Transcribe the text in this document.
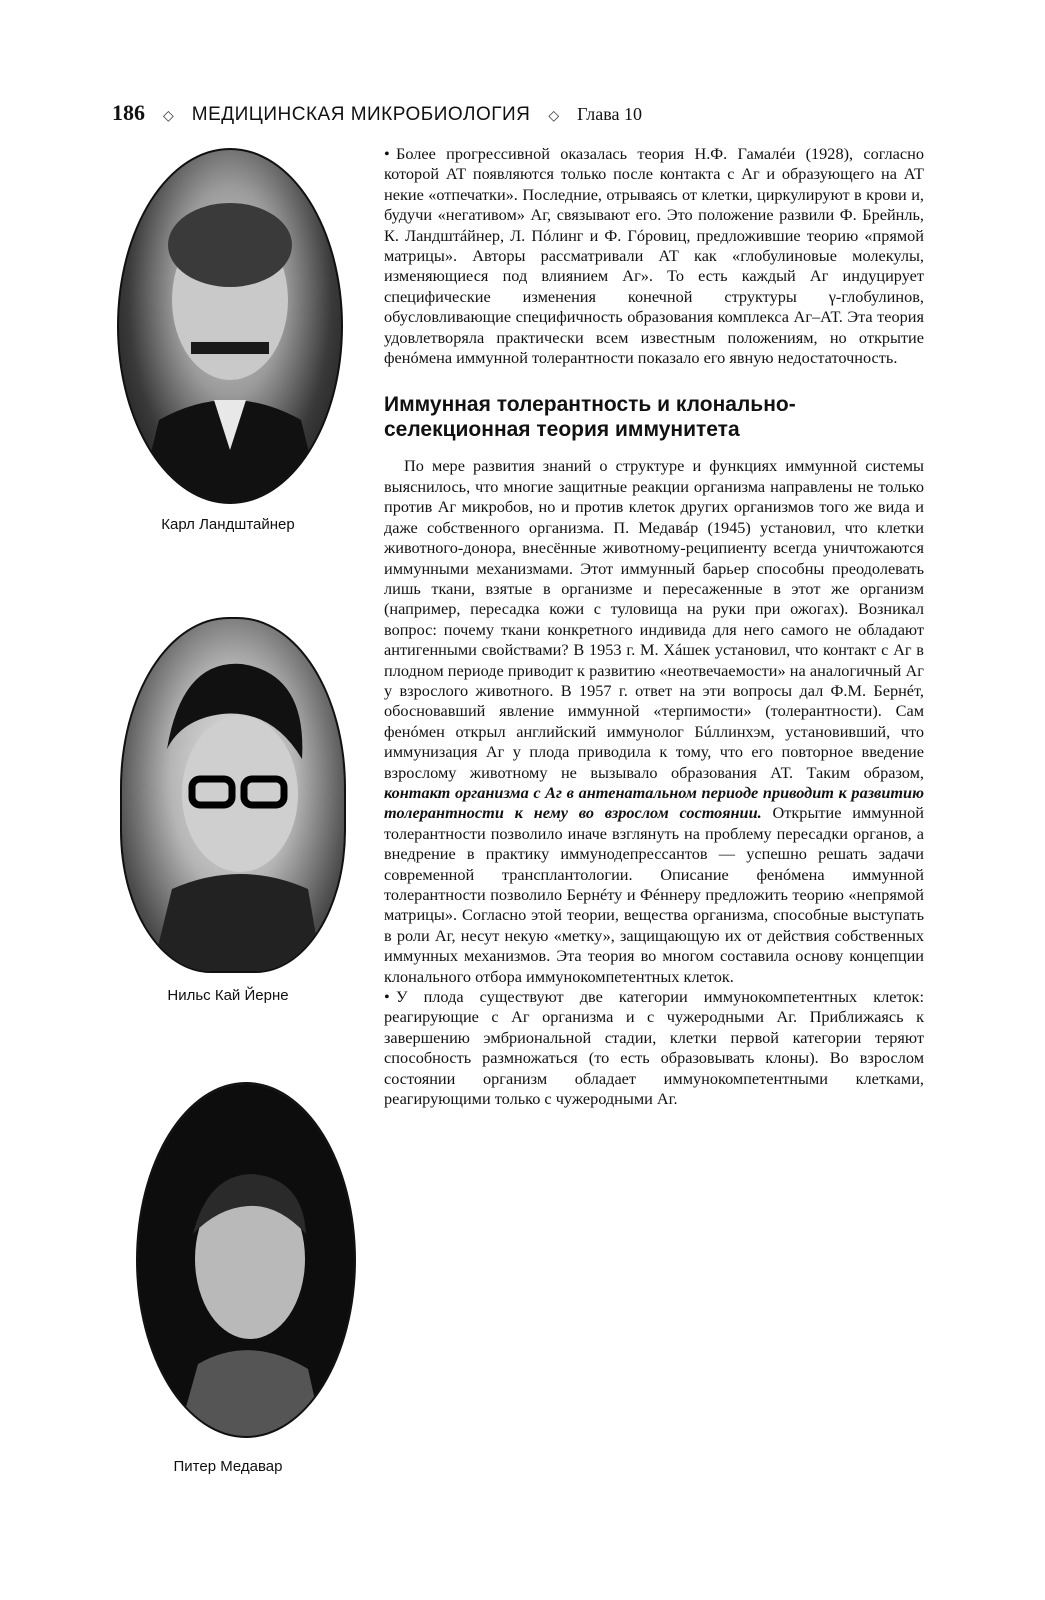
186 ◇ МЕДИЦИНСКАЯ МИКРОБИОЛОГИЯ ◇ Глава 10
Карл Ландштайнер
Нильс Кай Йерне
Питер Медавар

• Более прогрессивной оказалась теория Н.Ф. Гамалéи (1928), согласно которой АТ появляются только после контакта с Аг и образующего на АТ некие «отпечатки». Последние, отрываясь от клетки, циркулируют в крови и, будучи «негативом» Аг, связывают его. Это положение развили Ф. Брейнль, К. Ландштáйнер, Л. Пóлинг и Ф. Гóровиц, предложившие теорию «прямой матрицы». Авторы рассматривали АТ как «глобулиновые молекулы, изменяющиеся под влиянием Аг». То есть каждый Аг индуцирует специфические изменения конечной структуры γ-глобулинов, обусловливающие специфичность образования комплекса Аг–АТ. Эта теория удовлетворяла практически всем известным положениям, но открытие фенóмена иммунной толерантности показало его явную недостаточность.

Иммунная толерантность и клонально-селекционная теория иммунитета

По мере развития знаний о структуре и функциях иммунной системы выяснилось, что многие защитные реакции организма направлены не только против Аг микробов, но и против клеток других организмов того же вида и даже собственного организма. П. Медавáр (1945) установил, что клетки животного-донора, внесённые животному-реципиенту всегда уничтожаются иммунными механизмами. Этот иммунный барьер способны преодолевать лишь ткани, взятые в организме и пересаженные в этот же организм (например, пересадка кожи с туловища на руки при ожогах). Возникал вопрос: почему ткани конкретного индивида для него самого не обладают антигенными свойствами? В 1953 г. М. Хáшек установил, что контакт с Аг в плодном периоде приводит к развитию «неотвечаемости» на аналогичный Аг у взрослого животного. В 1957 г. ответ на эти вопросы дал Ф.М. Бернéт, обосновавший явление иммунной «терпимости» (толерантности). Сам фенóмен открыл английский иммунолог Бúллинхэм, установивший, что иммунизация Аг у плода приводила к тому, что его повторное введение взрослому животному не вызывало образования АТ. Таким образом, контакт организма с Аг в антенатальном периоде приводит к развитию толерантности к нему во взрослом состоянии. Открытие иммунной толерантности позволило иначе взглянуть на проблему пересадки органов, а внедрение в практику иммунодепрессантов — успешно решать задачи современной трансплантологии. Описание фенóмена иммунной толерантности позволило Бернéту и Фéннеру предложить теорию «непрямой матрицы». Согласно этой теории, вещества организма, способные выступать в роли Аг, несут некую «метку», защищающую их от действия собственных иммунных механизмов. Эта теория во многом составила основу концепции клонального отбора иммунокомпетентных клеток.

• У плода существуют две категории иммунокомпетентных клеток: реагирующие с Аг организма и с чужеродными Аг. Приближаясь к завершению эмбриональной стадии, клетки первой категории теряют способность размножаться (то есть образовывать клоны). Во взрослом состоянии организм обладает иммунокомпетентными клетками, реагирующими только с чужеродными Аг.
